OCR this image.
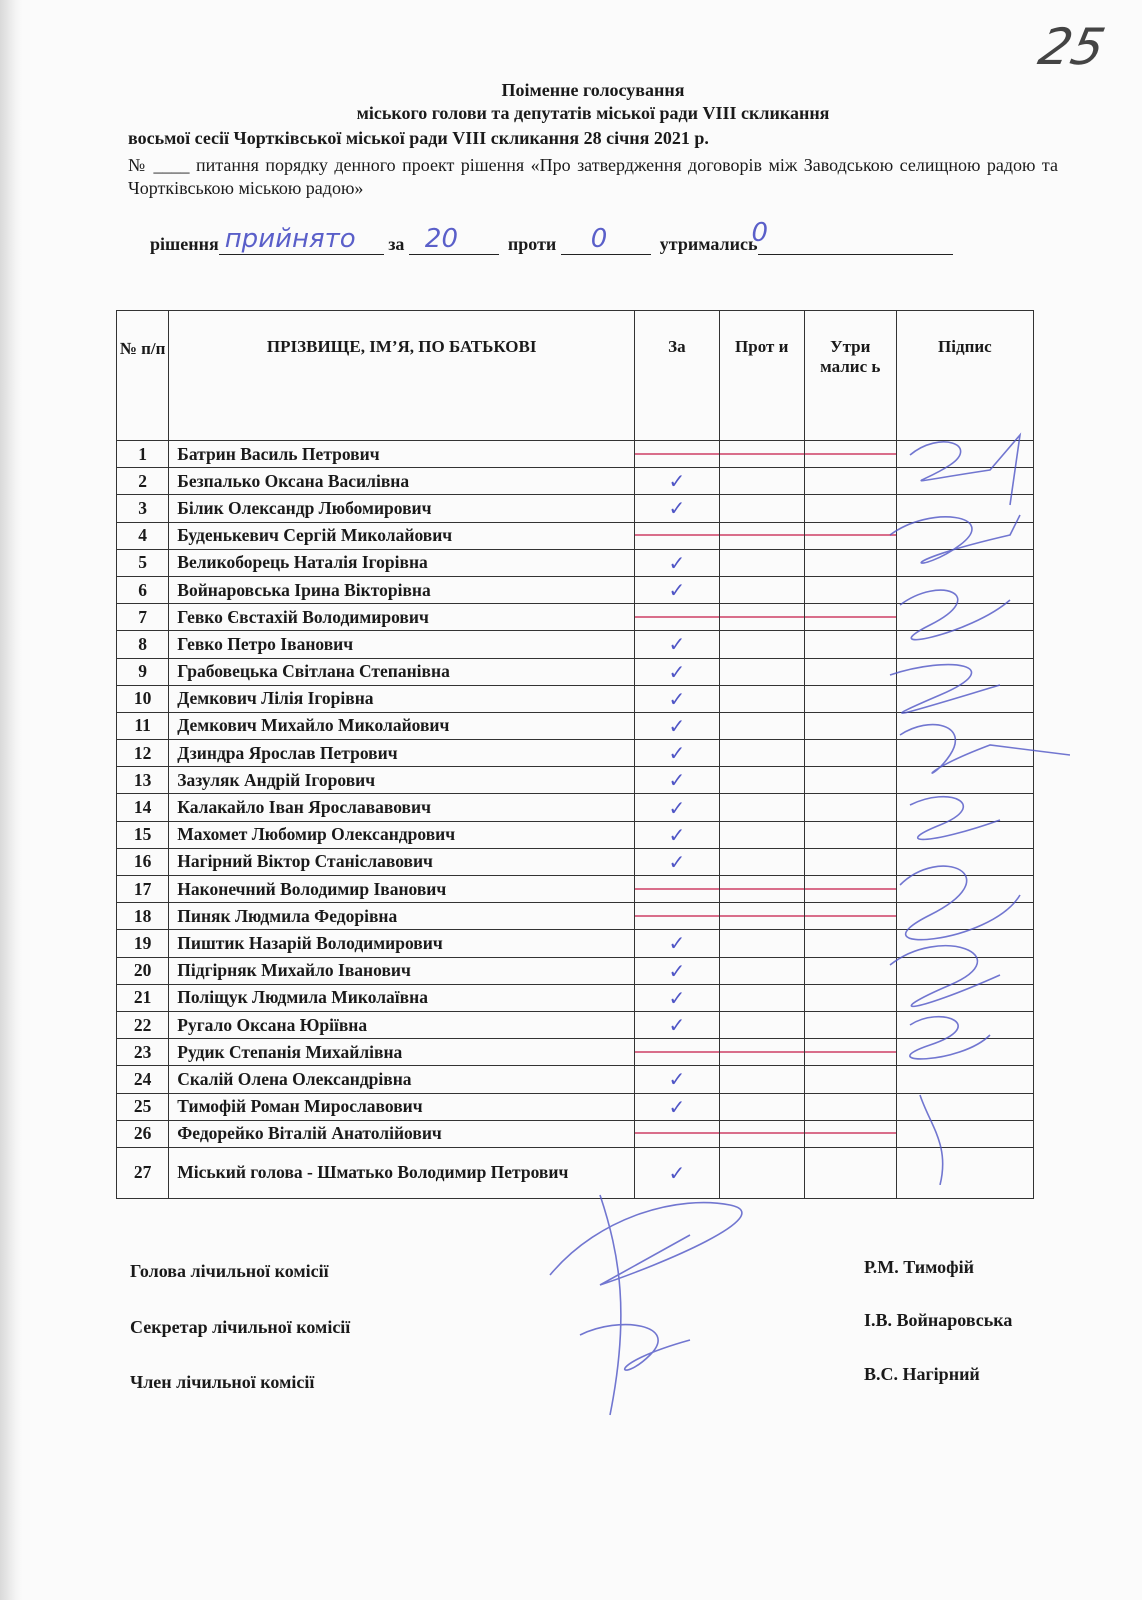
25
Поіменне голосування
міського голови та депутатів міської ради VIII скликання
восьмої сесії Чортківської міської ради VIII скликання 28 січня 2021 р.
№ ____ питання порядку денного проект рішення «Про затвердження договорів між Заводською селищною радою та Чортківською міською радою»
рішення прийнято за 20	проти 0	утримались
0
№ п/п	ПРІЗВИЩЕ, ІМ’Я, ПО БАТЬКОВІ	За	Прот и	Утри малис ь	Підпис
1	Батрин Василь Петрович				
2	Безпалько Оксана Василівна	✓			
3	Білик Олександр Любомирович	✓			
4	Буденькевич Сергій Миколайович				
5	Великоборець Наталія Ігорівна	✓			
6	Войнаровська Ірина Вікторівна	✓			
7	Гевко Євстахій Володимирович				
8	Гевко Петро Іванович	✓			
9	Грабовецька Світлана Степанівна	✓			
10	Демкович Лілія Ігорівна	✓			
11	Демкович Михайло Миколайович	✓			
12	Дзиндра Ярослав Петрович	✓			
13	Зазуляк Андрій Ігорович	✓			
14	Калакайло Іван Ярослававович	✓			
15	Махомет Любомир Олександрович	✓			
16	Нагірний Віктор Станіславович	✓			
17	Наконечний Володимир Іванович				
18	Пиняк Людмила Федорівна				
19	Пиштик Назарій Володимирович	✓			
20	Підгірняк Михайло Іванович	✓			
21	Поліщук Людмила Миколаївна	✓			
22	Ругало Оксана Юріївна	✓			
23	Рудик Степанія Михайлівна				
24	Скалій Олена Олександрівна	✓			
25	Тимофій Роман Мирославович	✓			
26	Федорейко Віталій Анатолійович				
27	Міський голова - Шматько Володимир Петрович	✓			
Голова лічильної комісії	Р.М. Тимофій
Секретар лічильної комісії	І.В. Войнаровська
Член лічильної комісії	В.С. Нагірний
